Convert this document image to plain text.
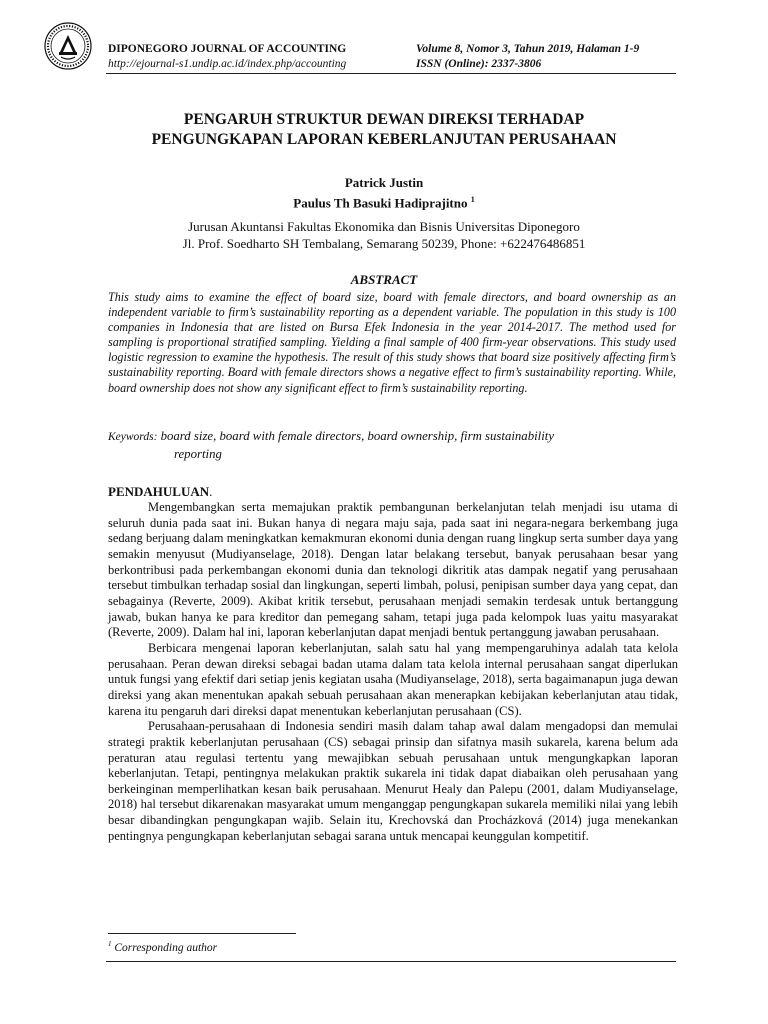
DIPONEGORO JOURNAL OF ACCOUNTING
http://ejournal-s1.undip.ac.id/index.php/accounting
Volume 8, Nomor 3, Tahun 2019, Halaman 1-9
ISSN (Online): 2337-3806
PENGARUH STRUKTUR DEWAN DIREKSI TERHADAP
PENGUNGKAPAN LAPORAN KEBERLANJUTAN PERUSAHAAN
Patrick Justin
Paulus Th Basuki Hadiprajitno $^1$
Jurusan Akuntansi Fakultas Ekonomika dan Bisnis Universitas Diponegoro
Jl. Prof. Soedharto SH Tembalang, Semarang 50239, Phone: +622476486851
ABSTRACT
This study aims to examine the effect of board size, board with female directors, and board ownership as an independent variable to firm’s sustainability reporting as a dependent variable. The population in this study is 100 companies in Indonesia that are listed on Bursa Efek Indonesia in the year 2014-2017. The method used for sampling is proportional stratified sampling. Yielding a final sample of 400 firm-year observations. This study used logistic regression to examine the hypothesis. The result of this study shows that board size positively affecting firm’s sustainability reporting. Board with female directors shows a negative effect to firm’s sustainability reporting. While, board ownership does not show any significant effect to firm’s sustainability reporting.
Keywords: board size, board with female directors, board ownership, firm sustainability
reporting
PENDAHULUAN.

Mengembangkan serta memajukan praktik pembangunan berkelanjutan telah menjadi isu utama di seluruh dunia pada saat ini. Bukan hanya di negara maju saja, pada saat ini negara-negara berkembang juga sedang berjuang dalam meningkatkan kemakmuran ekonomi dunia dengan ruang lingkup serta sumber daya yang semakin menyusut (Mudiyanselage, 2018). Dengan latar belakang tersebut, banyak perusahaan besar yang berkontribusi pada perkembangan ekonomi dunia dan teknologi dikritik atas dampak negatif yang perusahaan tersebut timbulkan terhadap sosial dan lingkungan, seperti limbah, polusi, penipisan sumber daya yang cepat, dan sebagainya (Reverte, 2009). Akibat kritik tersebut, perusahaan menjadi semakin terdesak untuk bertanggung jawab, bukan hanya ke para kreditor dan pemegang saham, tetapi juga pada kelompok luas yaitu masyarakat (Reverte, 2009). Dalam hal ini, laporan keberlanjutan dapat menjadi bentuk pertanggung jawaban perusahaan.

Berbicara mengenai laporan keberlanjutan, salah satu hal yang mempengaruhinya adalah tata kelola perusahaan. Peran dewan direksi sebagai badan utama dalam tata kelola internal perusahaan sangat diperlukan untuk fungsi yang efektif dari setiap jenis kegiatan usaha (Mudiyanselage, 2018), serta bagaimanapun juga dewan direksi yang akan menentukan apakah sebuah perusahaan akan menerapkan kebijakan keberlanjutan atau tidak, karena itu pengaruh dari direksi dapat menentukan keberlanjutan perusahaan (CS).

Perusahaan-perusahaan di Indonesia sendiri masih dalam tahap awal dalam mengadopsi dan memulai strategi praktik keberlanjutan perusahaan (CS) sebagai prinsip dan sifatnya masih sukarela, karena belum ada peraturan atau regulasi tertentu yang mewajibkan sebuah perusahaan untuk mengungkapkan laporan keberlanjutan. Tetapi, pentingnya melakukan praktik sukarela ini tidak dapat diabaikan oleh perusahaan yang berkeinginan memperlihatkan kesan baik perusahaan. Menurut Healy dan Palepu (2001, dalam Mudiyanselage, 2018) hal tersebut dikarenakan masyarakat umum menganggap pengungkapan sukarela memiliki nilai yang lebih besar dibandingkan pengungkapan wajib. Selain itu, Krechovská dan Procházková (2014) juga menekankan pentingnya pengungkapan keberlanjutan sebagai sarana untuk mencapai keunggulan kompetitif.

$^1$ Corresponding author
